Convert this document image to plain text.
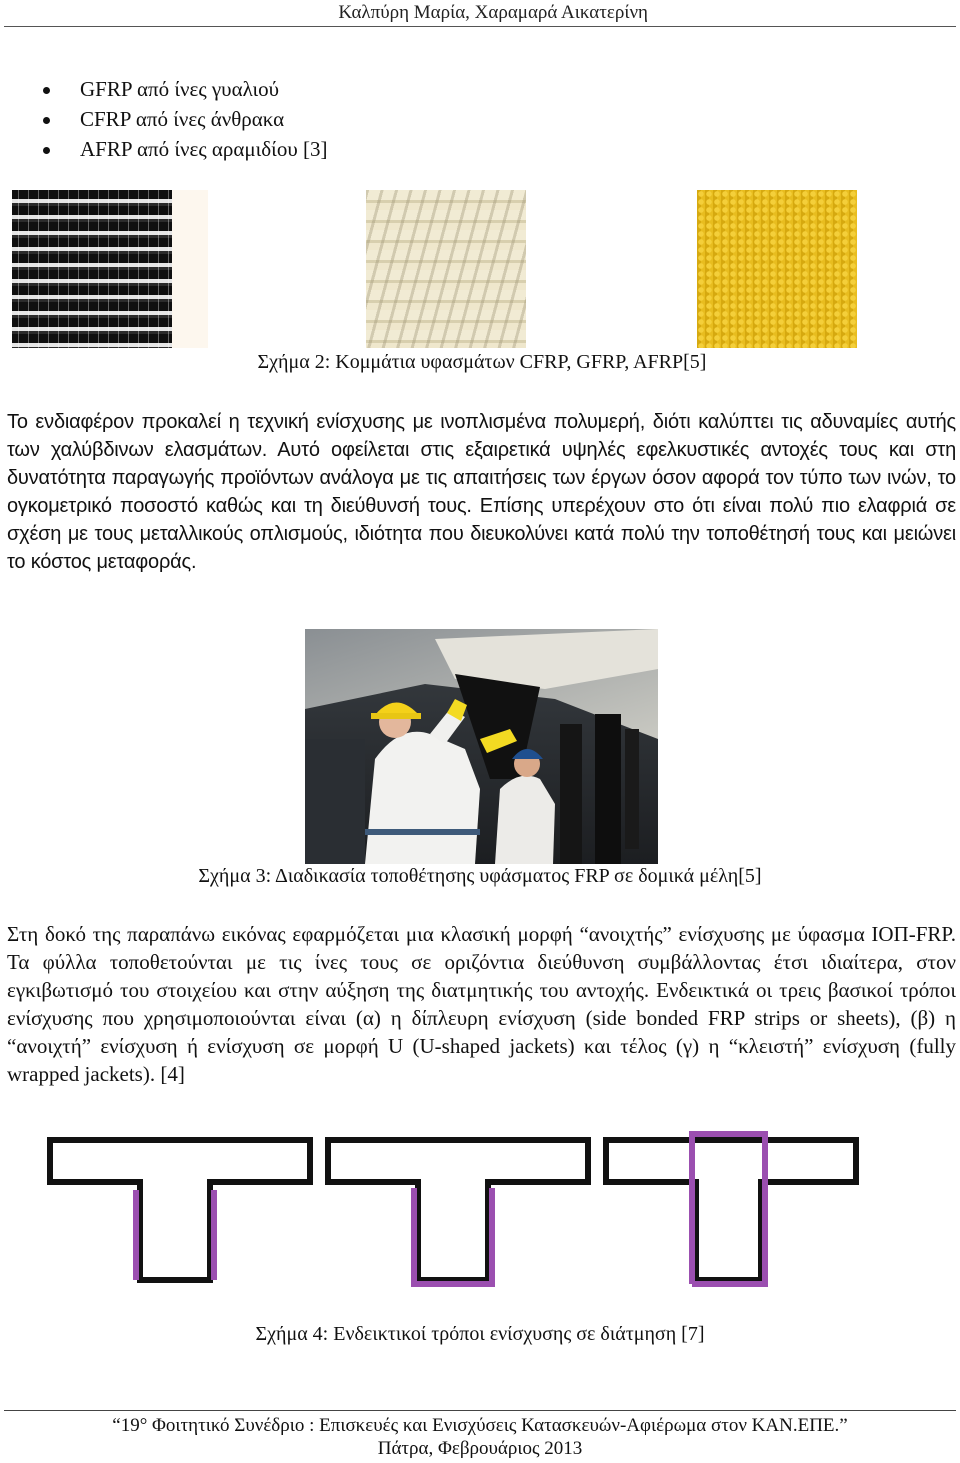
Καλπύρη Μαρία, Χαραμαρά Αικατερίνη
GFRP από ίνες γυαλιού
CFRP από ίνες άνθρακα
AFRP από ίνες αραμιδίου [3]
Σχήμα 2: Κομμάτια υφασμάτων CFRP, GFRP, AFRP[5]

Το ενδιαφέρον προκαλεί η τεχνική ενίσχυσης με ινοπλισμένα πολυμερή, διότι καλύπτει τις αδυναμίες αυτής των χαλύβδινων ελασμάτων. Αυτό οφείλεται στις εξαιρετικά υψηλές εφελκυστικές αντοχές τους και στη δυνατότητα παραγωγής προϊόντων ανάλογα με τις απαιτήσεις των έργων όσον αφορά τον τύπο των ινών, το ογκομετρικό ποσοστό καθώς και τη διεύθυνσή τους. Επίσης υπερέχουν στο ότι είναι πολύ πιο ελαφριά σε σχέση με τους μεταλλικούς οπλισμούς, ιδιότητα που διευκολύνει κατά πολύ την τοποθέτησή τους και μειώνει το κόστος μεταφοράς.

Σχήμα 3: Διαδικασία τοποθέτησης υφάσματος FRP σε δομικά μέλη[5]

Στη δοκό της παραπάνω εικόνας εφαρμόζεται μια κλασική μορφή “ανοιχτής” ενίσχυσης με ύφασμα ΙΟΠ-FRP. Τα φύλλα τοποθετούνται με τις ίνες τους σε οριζόντια διεύθυνση συμβάλλοντας έτσι ιδιαίτερα, στον εγκιβωτισμό του στοιχείου και στην αύξηση της διατμητικής του αντοχής. Ενδεικτικά οι τρεις βασικοί τρόποι ενίσχυσης που χρησιμοποιούνται είναι (α) η δίπλευρη ενίσχυση (side bonded FRP strips or sheets), (β) η “ανοιχτή” ενίσχυση ή ενίσχυση σε μορφή U (U-shaped jackets) και τέλος (γ) η “κλειστή” ενίσχυση (fully wrapped jackets). [4]

Σχήμα 4: Ενδεικτικοί τρόποι ενίσχυσης σε διάτμηση [7]
“19° Φοιτητικό Συνέδριο : Επισκευές και Ενισχύσεις Κατασκευών-Αφιέρωμα στον ΚΑΝ.ΕΠΕ.”
Πάτρα, Φεβρουάριος 2013
